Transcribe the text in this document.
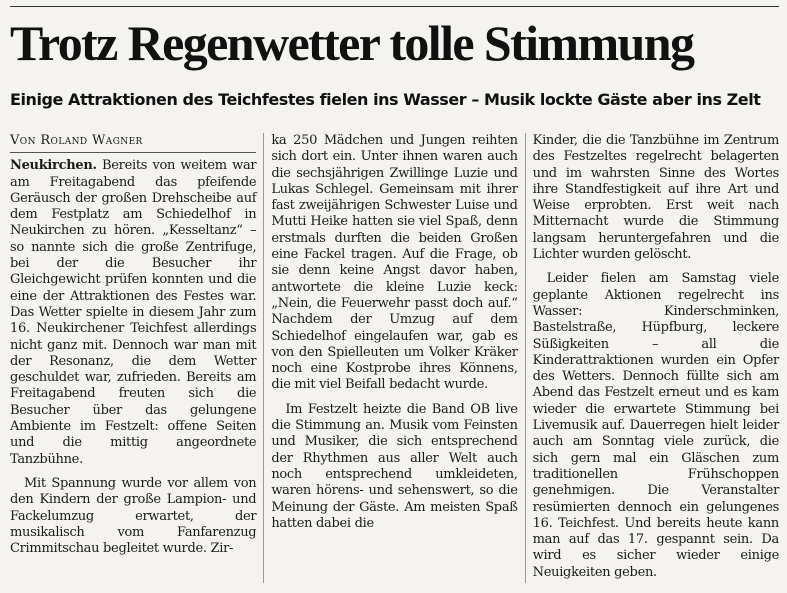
Trotz Regenwetter tolle Stimmung
Einige Attraktionen des Teichfestes fielen ins Wasser – Musik lockte Gäste aber ins Zelt
Von Roland Wagner

Neukirchen. Bereits von weitem war am Freitagabend das pfeifende Geräusch der großen Drehscheibe auf dem Festplatz am Schiedelhof in Neukirchen zu hören. „Kesseltanz“ – so nannte sich die große Zentrifuge, bei der die Besucher ihr Gleichgewicht prüfen konnten und die eine der Attraktionen des Festes war. Das Wetter spielte in diesem Jahr zum 16. Neukirchener Teichfest allerdings nicht ganz mit. Dennoch war man mit der Resonanz, die dem Wetter geschuldet war, zufrieden. Bereits am Freitagabend freuten sich die Besucher über das gelungene Ambiente im Festzelt: offene Seiten und die mittig angeordnete Tanzbühne.

Mit Spannung wurde vor allem von den Kindern der große Lampion- und Fackelumzug erwartet, der musikalisch vom Fanfarenzug Crimmitschau begleitet wurde. Zir-

ka 250 Mädchen und Jungen reihten sich dort ein. Unter ihnen waren auch die sechsjährigen Zwillinge Luzie und Lukas Schlegel. Gemeinsam mit ihrer fast zweijährigen Schwester Luise und Mutti Heike hatten sie viel Spaß, denn erstmals durften die beiden Großen eine Fackel tragen. Auf die Frage, ob sie denn keine Angst davor haben, antwortete die kleine Luzie keck: „Nein, die Feuerwehr passt doch auf.“ Nachdem der Umzug auf dem Schiedelhof eingelaufen war, gab es von den Spielleuten um Volker Kräker noch eine Kostprobe ihres Könnens, die mit viel Beifall bedacht wurde.

Im Festzelt heizte die Band OB live die Stimmung an. Musik vom Feinsten und Musiker, die sich entsprechend der Rhythmen aus aller Welt auch noch entsprechend umkleideten, waren hörens- und sehenswert, so die Meinung der Gäste. Am meisten Spaß hatten dabei die

Kinder, die die Tanzbühne im Zentrum des Festzeltes regelrecht belagerten und im wahrsten Sinne des Wortes ihre Standfestigkeit auf ihre Art und Weise erprobten. Erst weit nach Mitternacht wurde die Stimmung langsam heruntergefahren und die Lichter wurden gelöscht.

Leider fielen am Samstag viele geplante Aktionen regelrecht ins Wasser: Kinderschminken, Bastelstraße, Hüpfburg, leckere Süßigkeiten – all die Kinderattraktionen wurden ein Opfer des Wetters. Dennoch füllte sich am Abend das Festzelt erneut und es kam wieder die erwartete Stimmung bei Livemusik auf. Dauerregen hielt leider auch am Sonntag viele zurück, die sich gern mal ein Gläschen zum traditionellen Frühschoppen genehmigen. Die Veranstalter resümierten dennoch ein gelungenes 16. Teichfest. Und bereits heute kann man auf das 17. gespannt sein. Da wird es sicher wieder einige Neuigkeiten geben.
